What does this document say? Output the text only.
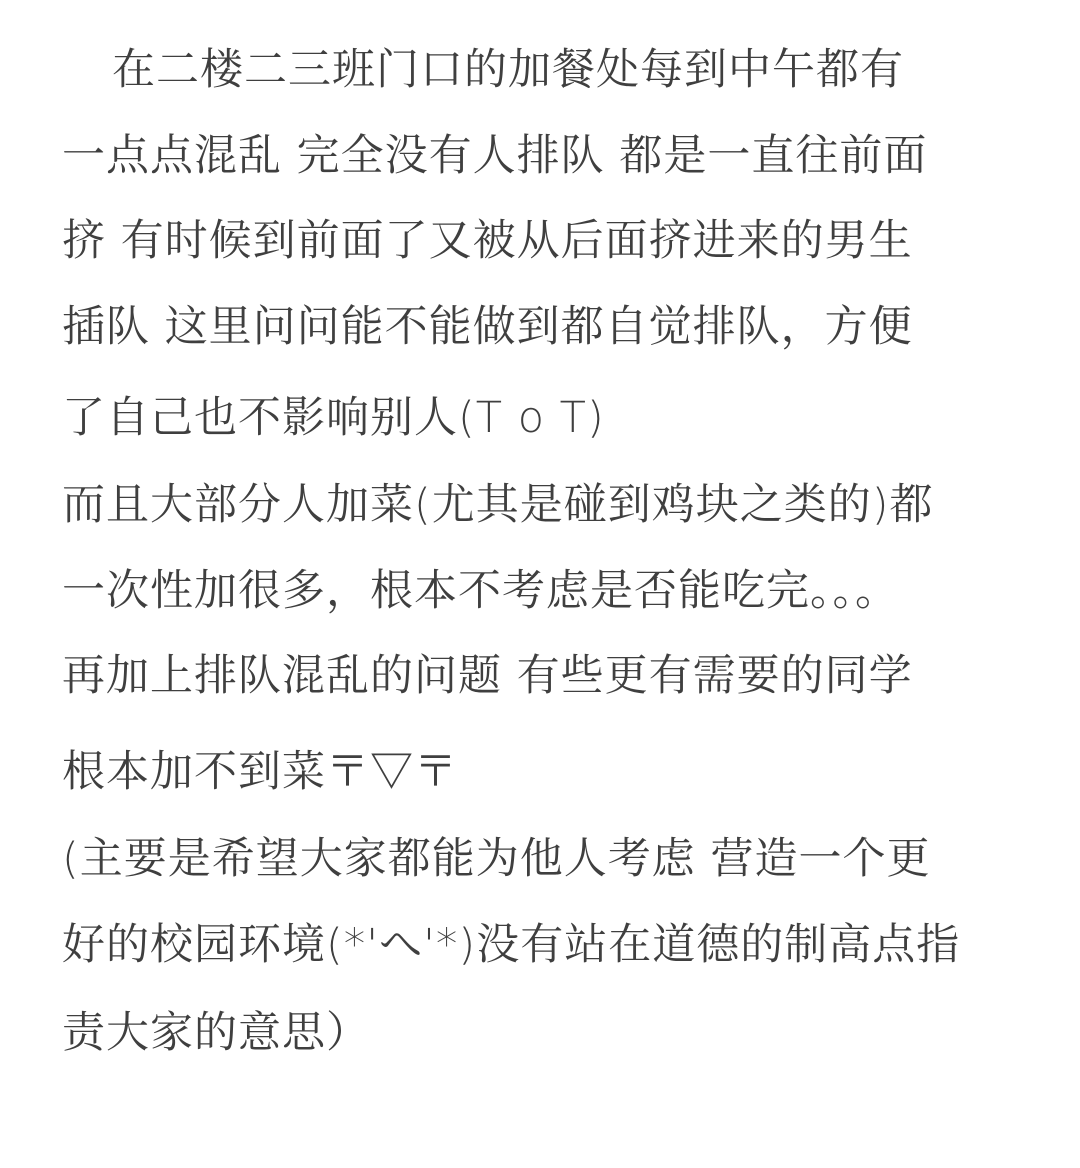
在二楼二三班门口的加餐处每到中午都有
一点点混乱 完全没有人排队 都是一直往前面
挤 有时候到前面了又被从后面挤进来的男生
插队 这里问问能不能做到都自觉排队，方便
了自己也不影响别人(T o T)
而且大部分人加菜(尤其是碰到鸡块之类的)都
一次性加很多，根本不考虑是否能吃完。。。
再加上排队混乱的问题 有些更有需要的同学
根本加不到菜〒▽〒
(主要是希望大家都能为他人考虑 营造一个更
好的校园环境(*'へ'*)没有站在道德的制高点指
责大家的意思）
